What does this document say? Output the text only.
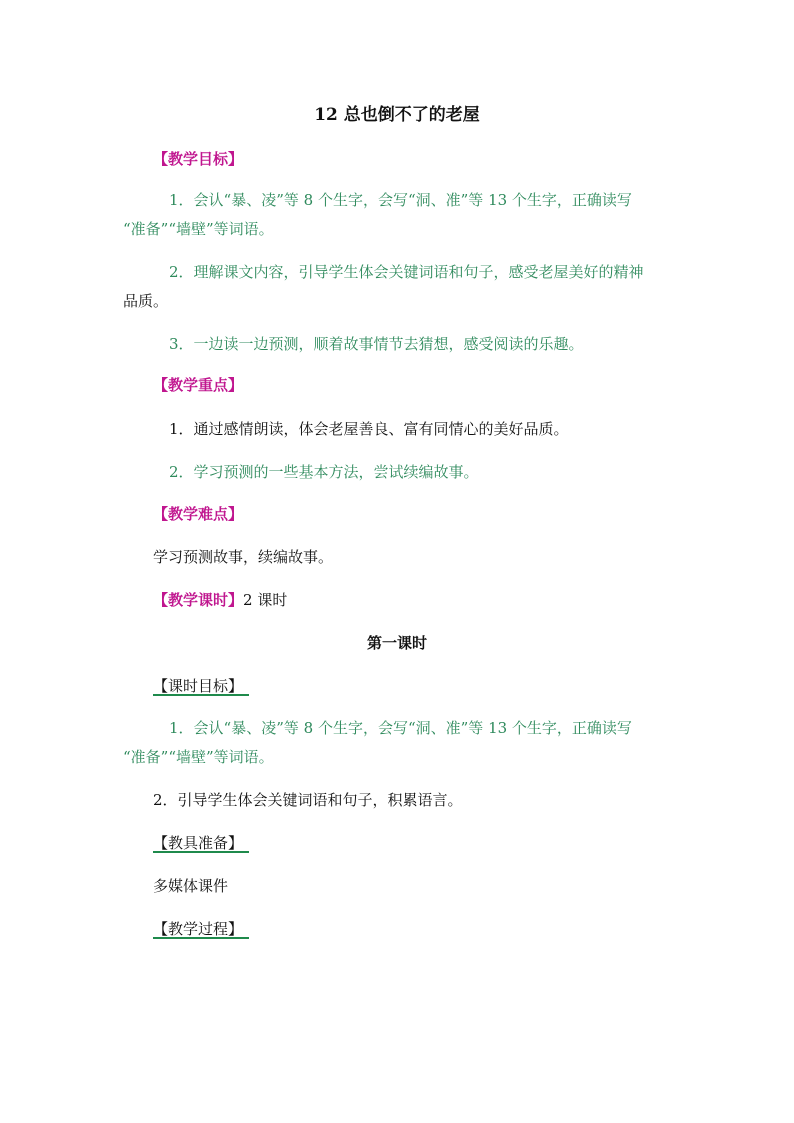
12 总也倒不了的老屋
【教学目标】
1．会认“暴、凌”等 8 个生字，会写“洞、准”等 13 个生字，正确读写
“准备”“墙壁”等词语。
2．理解课文内容，引导学生体会关键词语和句子，感受老屋美好的精神
品质。
3．一边读一边预测，顺着故事情节去猜想，感受阅读的乐趣。
【教学重点】
1．通过感情朗读，体会老屋善良、富有同情心的美好品质。
2．学习预测的一些基本方法，尝试续编故事。
【教学难点】
学习预测故事，续编故事。
【教学课时】2 课时
第一课时
【课时目标】
1．会认“暴、凌”等 8 个生字，会写“洞、准”等 13 个生字，正确读写
“准备”“墙壁”等词语。
2．引导学生体会关键词语和句子，积累语言。
【教具准备】
多媒体课件
【教学过程】
